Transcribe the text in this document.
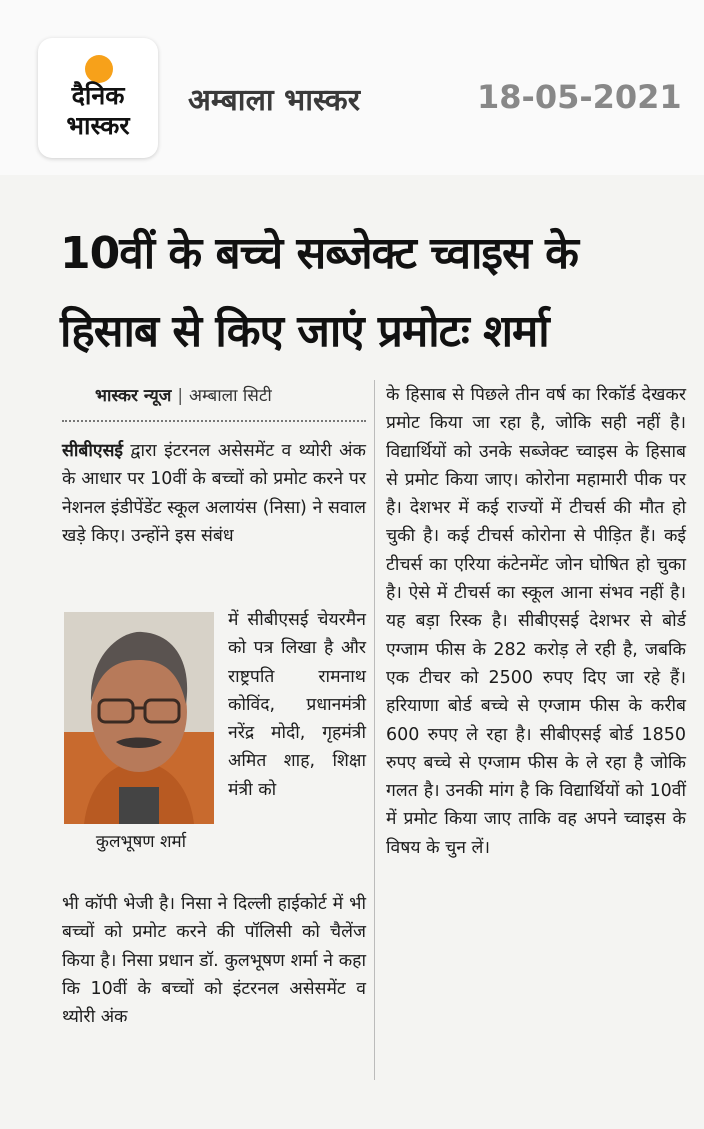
दैनिक
भास्कर
अम्बाला भास्कर	18-05-2021
10वीं के बच्चे सब्जेक्ट च्वाइस के हिसाब से किए जाएं प्रमोटः शर्मा
भास्कर न्यूज | अम्बाला सिटी
सीबीएसई द्वारा इंटरनल असेसमेंट व थ्योरी अंक के आधार पर 10वीं के बच्चों को प्रमोट करने पर नेशनल इंडीपेंडेंट स्कूल अलायंस (निसा) ने सवाल खड़े किए। उन्होंने इस संबंध
में सीबीएसई चेयरमैन को पत्र लिखा है और राष्ट्रपति रामनाथ कोविंद, प्रधानमंत्री नरेंद्र मोदी, गृहमंत्री अमित शाह, शिक्षा मंत्री को
कुलभूषण शर्मा
भी कॉपी भेजी है। निसा ने दिल्ली हाईकोर्ट में भी बच्चों को प्रमोट करने की पॉलिसी को चैलेंज किया है। निसा प्रधान डॉ. कुलभूषण शर्मा ने कहा कि 10वीं के बच्चों को इंटरनल असेसमेंट व थ्योरी अंक
के हिसाब से पिछले तीन वर्ष का रिकॉर्ड देखकर प्रमोट किया जा रहा है, जोकि सही नहीं है। विद्यार्थियों को उनके सब्जेक्ट च्वाइस के हिसाब से प्रमोट किया जाए। कोरोना महामारी पीक पर है। देशभर में कई राज्यों में टीचर्स की मौत हो चुकी है। कई टीचर्स कोरोना से पीड़ित हैं। कई टीचर्स का एरिया कंटेनमेंट जोन घोषित हो चुका है। ऐसे में टीचर्स का स्कूल आना संभव नहीं है। यह बड़ा रिस्क है। सीबीएसई देशभर से बोर्ड एग्जाम फीस के 282 करोड़ ले रही है, जबकि एक टीचर को 2500 रुपए दिए जा रहे हैं। हरियाणा बोर्ड बच्चे से एग्जाम फीस के करीब 600 रुपए ले रहा है। सीबीएसई बोर्ड 1850 रुपए बच्चे से एग्जाम फीस के ले रहा है जोकि गलत है। उनकी मांग है कि विद्यार्थियों को 10वीं में प्रमोट किया जाए ताकि वह अपने च्वाइस के विषय के चुन लें।
